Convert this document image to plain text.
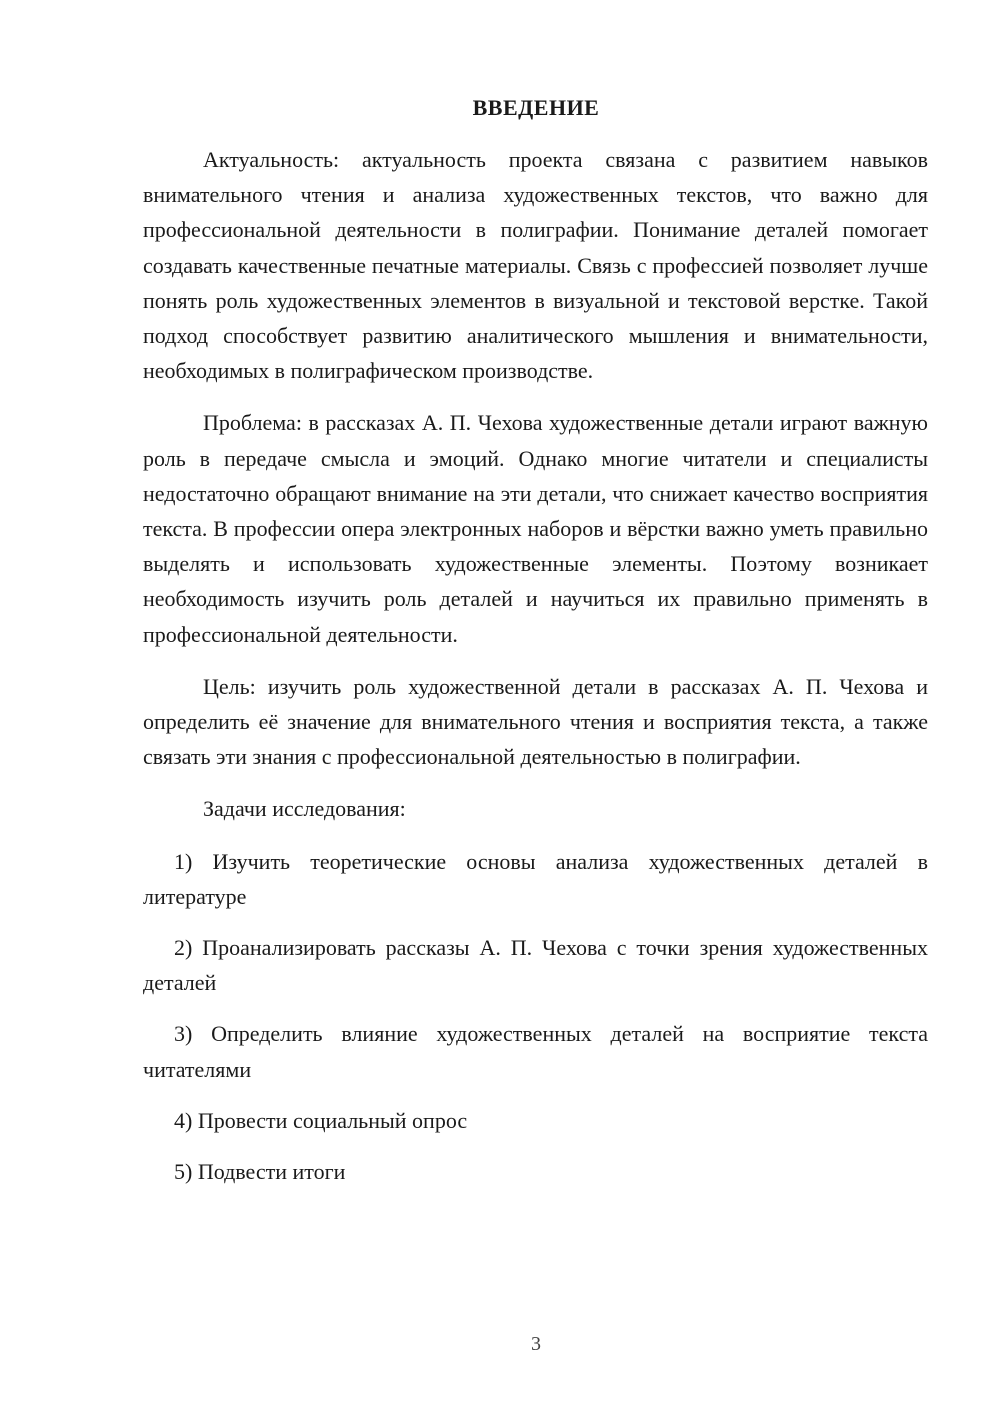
ВВЕДЕНИЕ

Актуальность: актуальность проекта связана с развитием навыков внимательного чтения и анализа художественных текстов, что важно для профессиональной деятельности в полиграфии. Понимание деталей помогает создавать качественные печатные материалы. Связь с профессией позволяет лучше понять роль художественных элементов в визуальной и текстовой верстке. Такой подход способствует развитию аналитического мышления и внимательности, необходимых в полиграфическом производстве.

Проблема: в рассказах А. П. Чехова художественные детали играют важную роль в передаче смысла и эмоций. Однако многие читатели и специалисты недостаточно обращают внимание на эти детали, что снижает качество восприятия текста. В профессии опера электронных наборов и вёрстки важно уметь правильно выделять и использовать художественные элементы. Поэтому возникает необходимость изучить роль деталей и научиться их правильно применять в профессиональной деятельности.

Цель: изучить роль художественной детали в рассказах А. П. Чехова и определить её значение для внимательного чтения и восприятия текста, а также связать эти знания с профессиональной деятельностью в полиграфии.

Задачи исследования:

1) Изучить теоретические основы анализа художественных деталей в литературе

2) Проанализировать рассказы А. П. Чехова с точки зрения художественных деталей

3) Определить влияние художественных деталей на восприятие текста читателями

4) Провести социальный опрос

5) Подвести итоги

3
